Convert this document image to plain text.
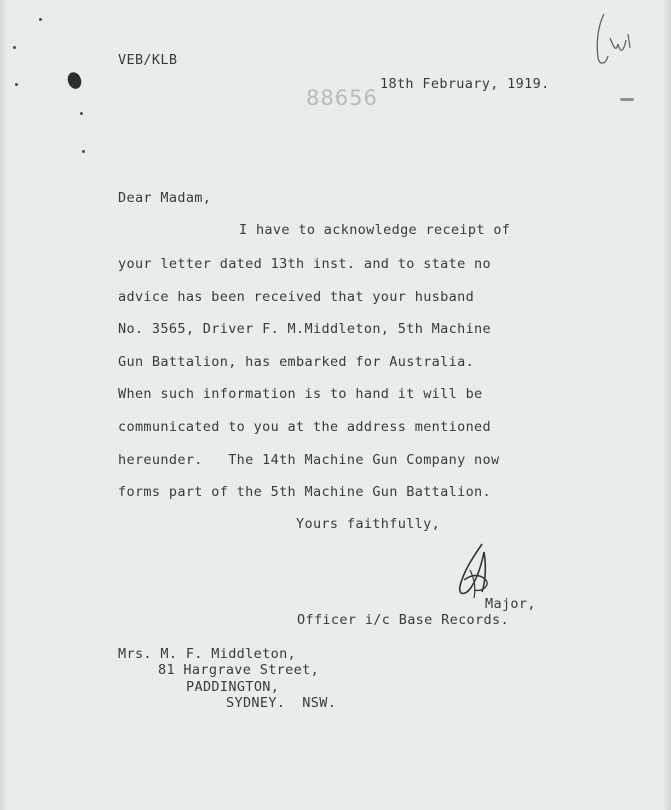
VEB/KLB
18th February, 1919.
88656
Dear Madam,
I have to acknowledge receipt of
your letter dated 13th inst. and to state no
advice has been received that your husband
No. 3565, Driver F. M.Middleton, 5th Machine
Gun Battalion, has embarked for Australia.
When such information is to hand it will be
communicated to you at the address mentioned
hereunder.   The 14th Machine Gun Company now
forms part of the 5th Machine Gun Battalion.
Yours faithfully,
Major,
Officer i/c Base Records.
Mrs. M. F. Middleton,
81 Hargrave Street,
PADDINGTON,
SYDNEY.  NSW.
